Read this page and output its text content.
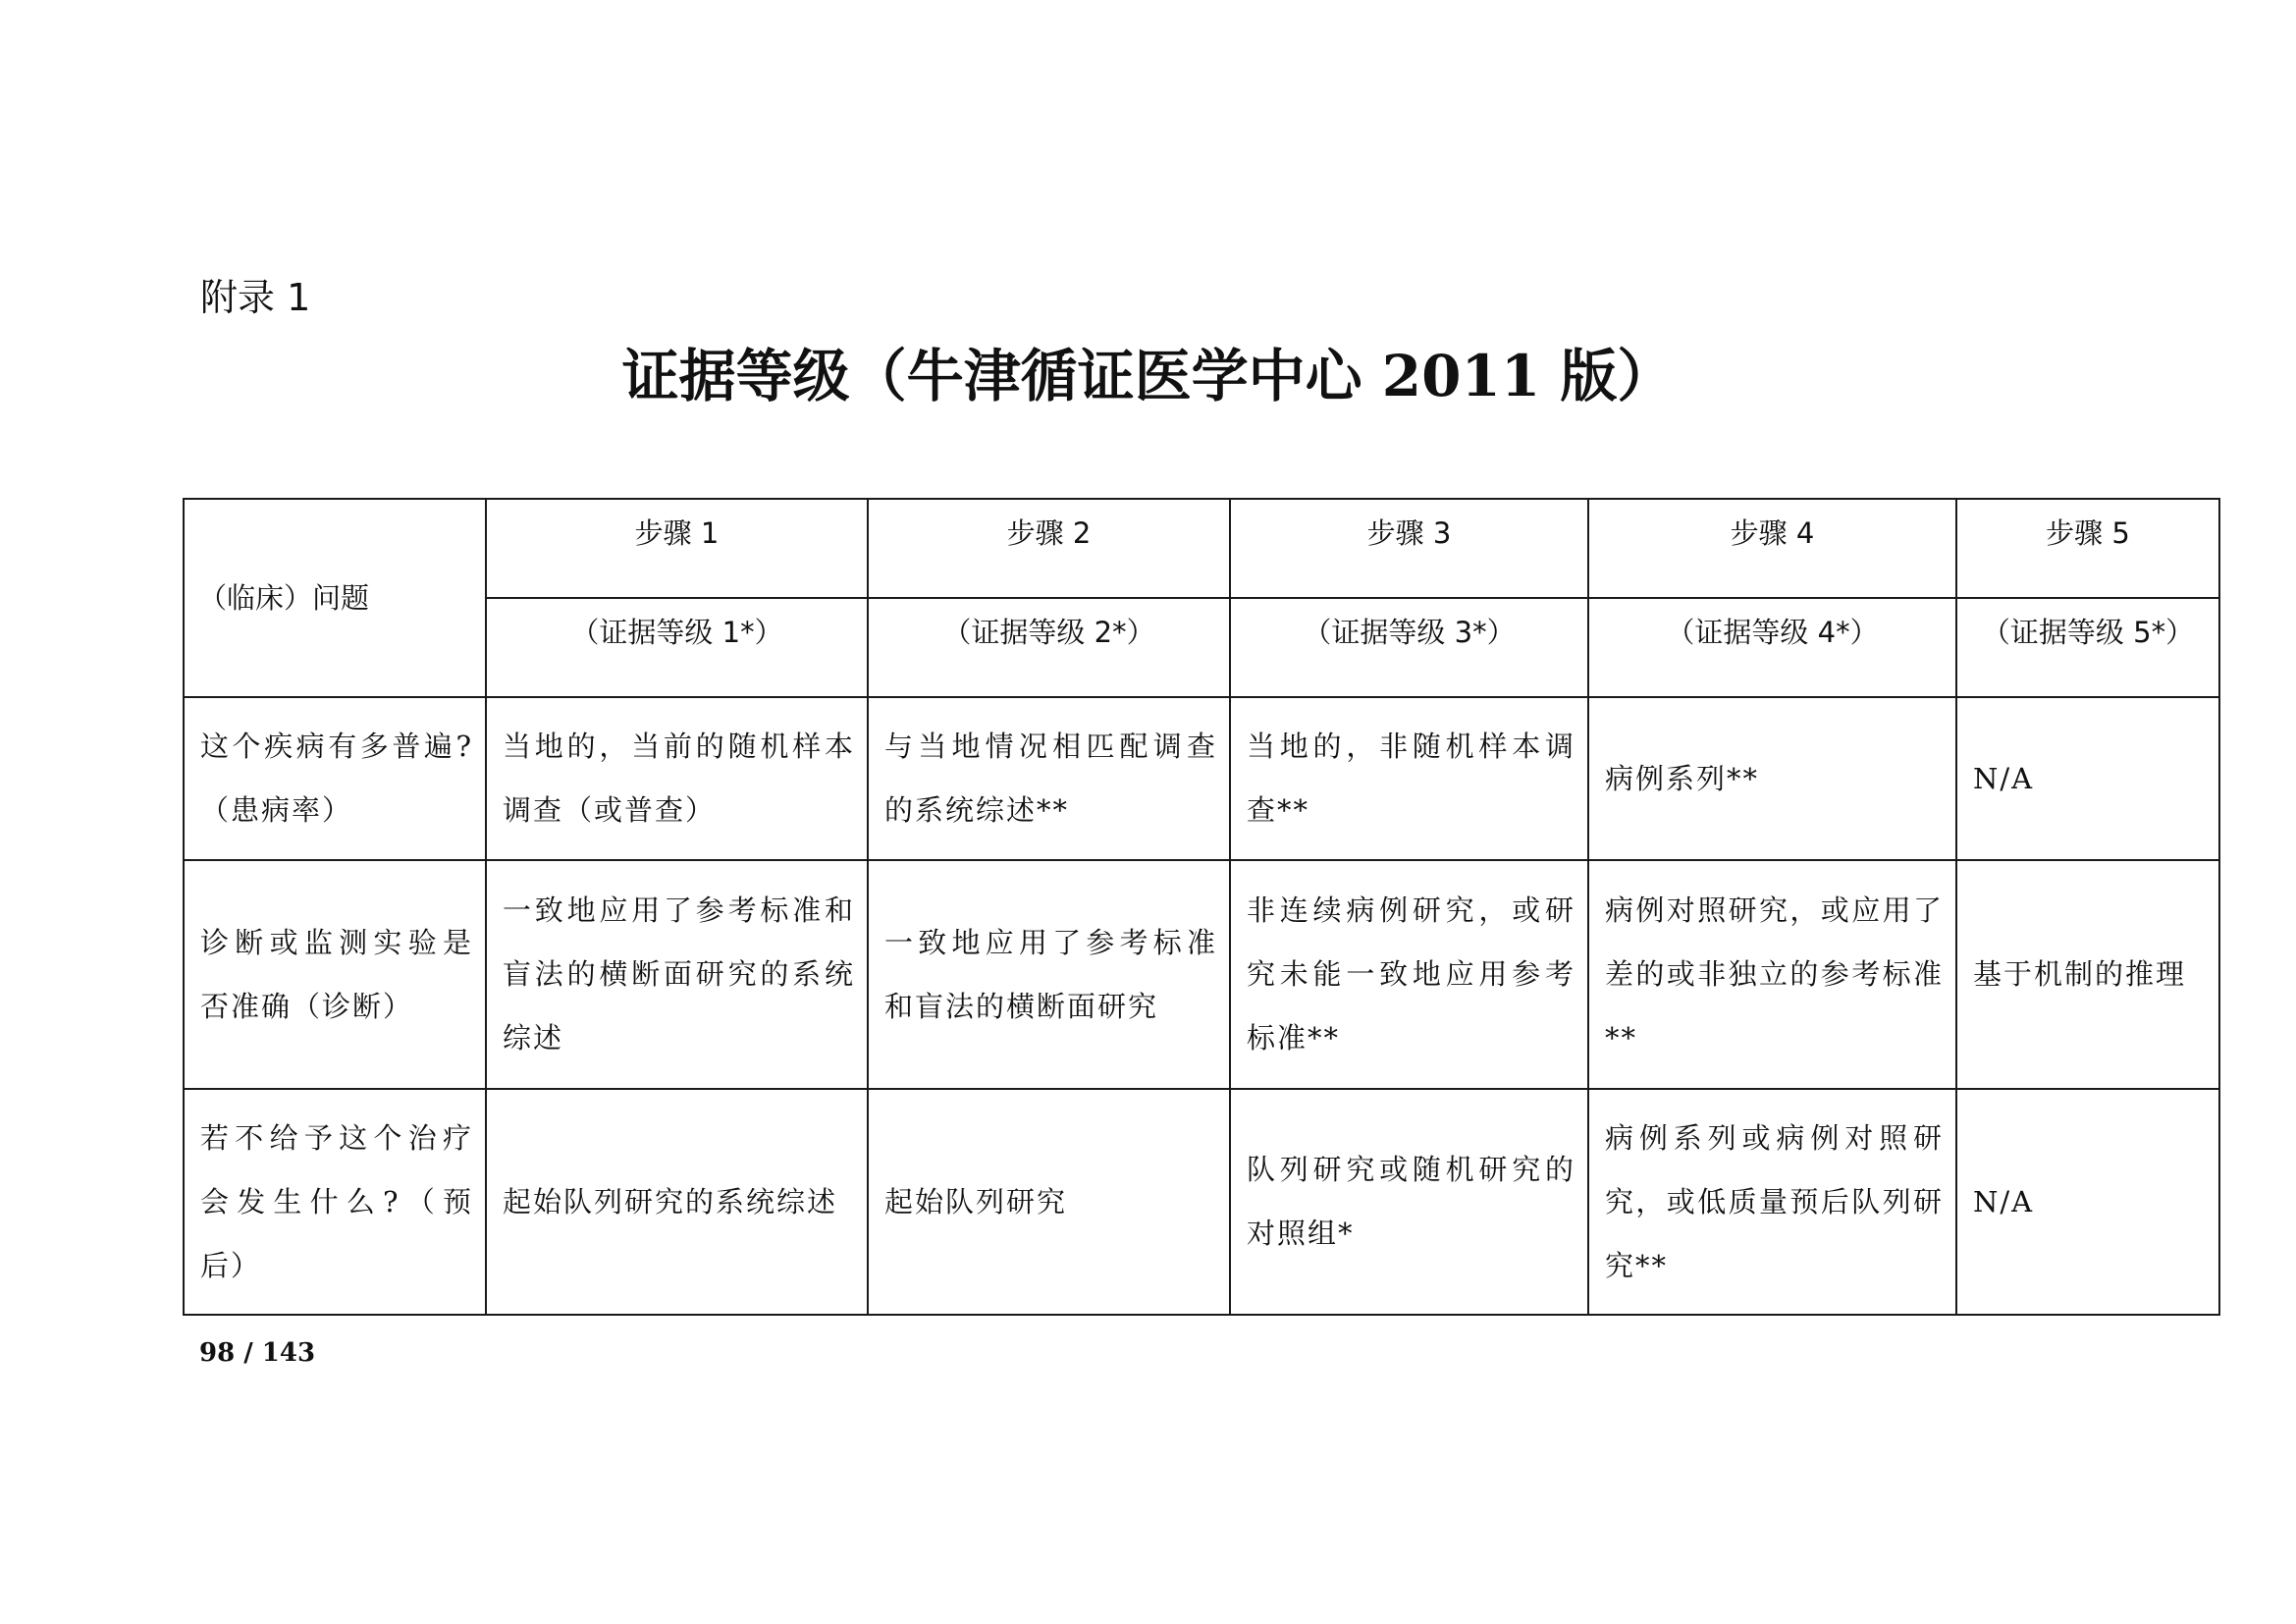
附录 1
证据等级（牛津循证医学中心 2011 版）
（临床）问题	步骤 1	步骤 2	步骤 3	步骤 4	步骤 5
	（证据等级 1*）	（证据等级 2*）	（证据等级 3*）	（证据等级 4*）	（证据等级 5*）
这个疾病有多普遍?（患病率）	当地的，当前的随机样本调查（或普查）	与当地情况相匹配调查的系统综述**	当地的，非随机样本调查**	病例系列**	N/A
诊断或监测实验是否准确（诊断）	一致地应用了参考标准和盲法的横断面研究的系统综述	一致地应用了参考标准和盲法的横断面研究	非连续病例研究，或研究未能一致地应用参考标准**	病例对照研究，或应用了差的或非独立的参考标准**	基于机制的推理
若不给予这个治疗会发生什么?（预后）	起始队列研究的系统综述	起始队列研究	队列研究或随机研究的对照组*	病例系列或病例对照研究，或低质量预后队列研究**	N/A
98 / 143
